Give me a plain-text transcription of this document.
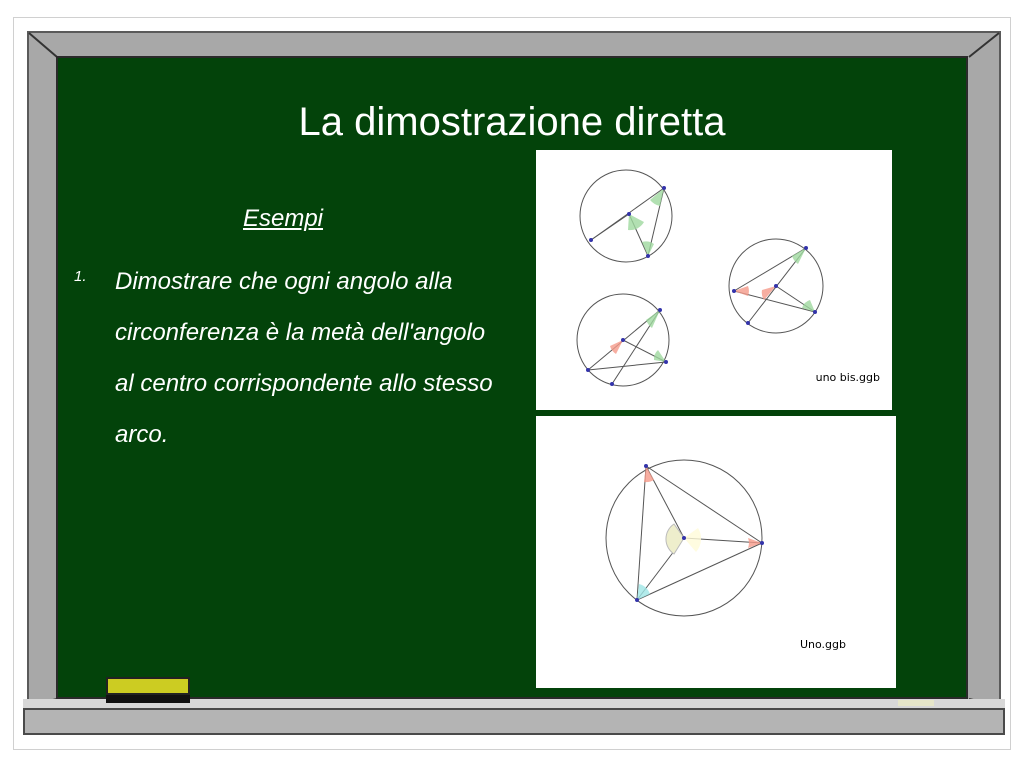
La dimostrazione diretta
Esempi
1. Dimostrare che ogni angolo alla circonferenza è la metà dell'angolo al centro corrispondente allo stesso arco.
uno bis.ggb
Uno.ggb
